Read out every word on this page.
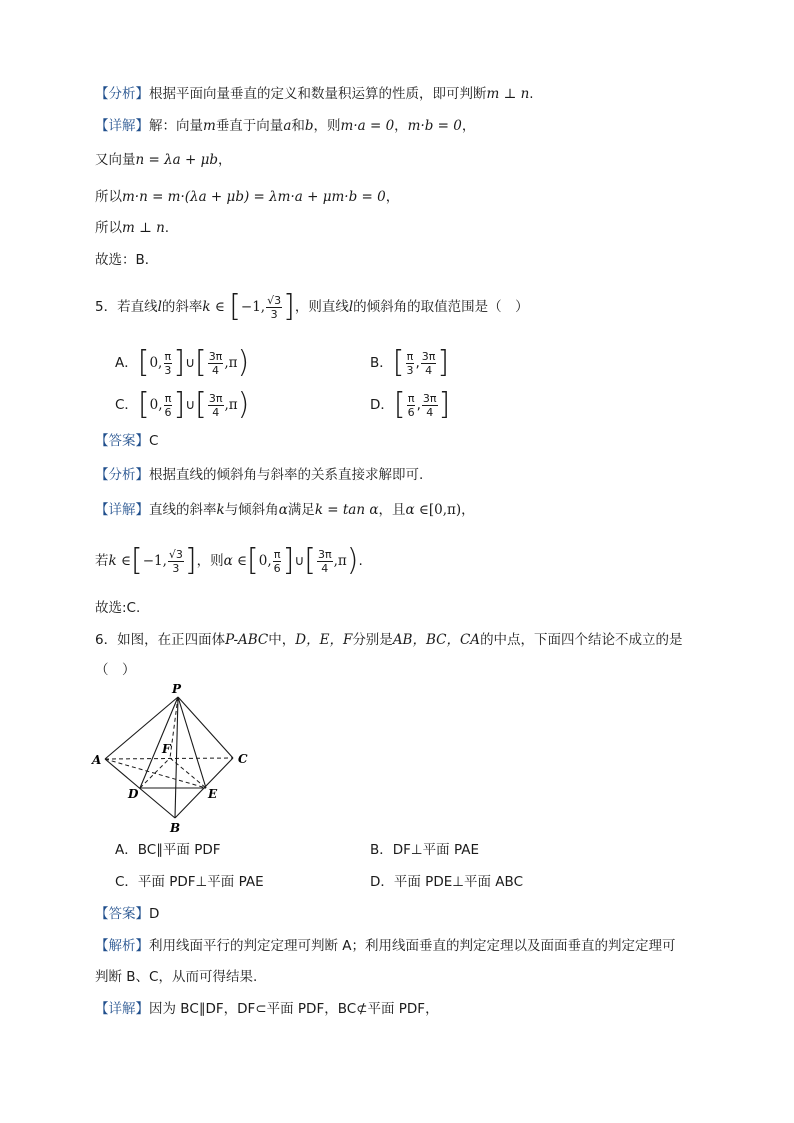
【分析】根据平面向量垂直的定义和数量积运算的性质，即可判断m ⊥ n.
【详解】解：向量m垂直于向量a和b，则m·a = 0，m·b = 0，
又向量n = λa + μb，
所以m·n = m·(λa + μb) = λm·a + μm·b = 0，
所以m ⊥ n.
故选：B．
5．若直线l的斜率k ∈ [−1, $\frac{√3}{3}$ ]，则直线l的倾斜角的取值范围是（　）
A．[0, $\frac{\pi}{3}$ ]∪[ $\frac{3\pi}{4} ,\pi$)	B．[ $\frac{\pi}{3}$ , $\frac{3\pi}{4}$ ]
C．[0, $\frac{\pi}{6}$ ]∪[ $\frac{3\pi}{4} ,\pi$)	D．[ $\frac{\pi}{6}$ , $\frac{3\pi}{4}$ ]
【答案】C
【分析】根据直线的倾斜角与斜率的关系直接求解即可.
【详解】直线的斜率k与倾斜角α满足k = tan α，且α ∈[0,π)，
若k ∈[−1, $\frac{√3}{3}$ ]，则α ∈[0, $\frac{\pi}{6}$ ]∪[ $\frac{3\pi}{4} ,\pi$).
故选:C.
6．如图，在正四面体P-ABC中，D，E，F分别是AB，BC，CA的中点，下面四个结论不成立的是
（　）
P
A	C
F
D	E
B
A．BC∥平面 PDF	B．DF⊥平面 PAE
C．平面 PDF⊥平面 PAE	D．平面 PDE⊥平面 ABC
【答案】D
【解析】利用线面平行的判定定理可判断 A；利用线面垂直的判定定理以及面面垂直的判定定理可
判断 B、C，从而可得结果.
【详解】因为 BC∥DF，DF⊂平面 PDF，BC⊄平面 PDF，
